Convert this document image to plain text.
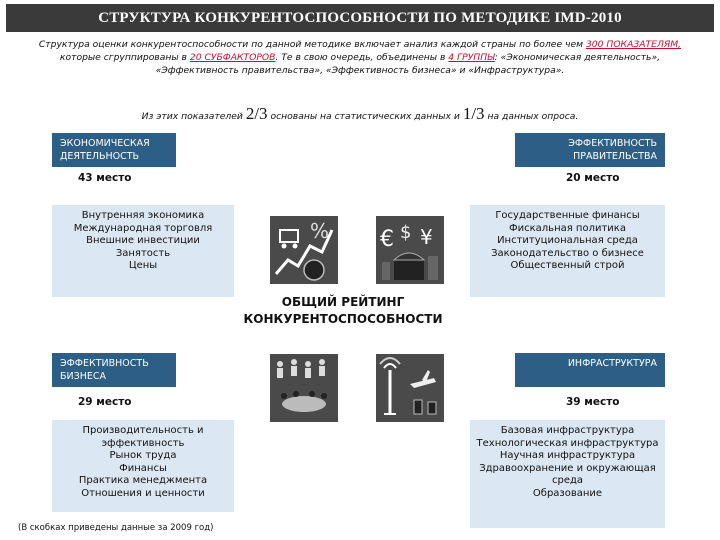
СТРУКТУРА КОНКУРЕНТОСПОСОБНОСТИ ПО МЕТОДИКЕ IMD-2010
Структура оценки конкурентоспособности по данной методике включает анализ каждой страны по более чем 300 ПОКАЗАТЕЛЯМ, которые сгруппированы в 20 СУБФАКТОРОВ. Те в свою очередь, объединены в 4 ГРУППЫ: «Экономическая деятельность», «Эффективность правительства», «Эффективность бизнеса» и «Инфраструктура».
Из этих показателей 2/3 основаны на статистических данных и 1/3 на данных опроса.
ЭКОНОМИЧЕСКАЯ ДЕЯТЕЛЬНОСТЬ
43 место
Внутренняя экономика
Международная торговля
Внешние инвестиции
Занятость
Цены
ЭФФЕКТИВНОСТЬ ПРАВИТЕЛЬСТВА
20 место
Государственные финансы
Фискальная политика
Институциональная среда
Законодательство о бизнесе
Общественный строй
ЭФФЕКТИВНОСТЬ БИЗНЕСА
29 место
Производительность и эффективность
Рынок труда
Финансы
Практика менеджмента
Отношения и ценности
ИНФРАСТРУКТУРА
39 место
Базовая инфраструктура
Технологическая инфраструктура
Научная инфраструктура
Здравоохранение и окружающая среда
Образование
% € $ ¥
ОБЩИЙ РЕЙТИНГ КОНКУРЕНТОСПОСОБНОСТИ
(В скобках приведены данные за 2009 год)
